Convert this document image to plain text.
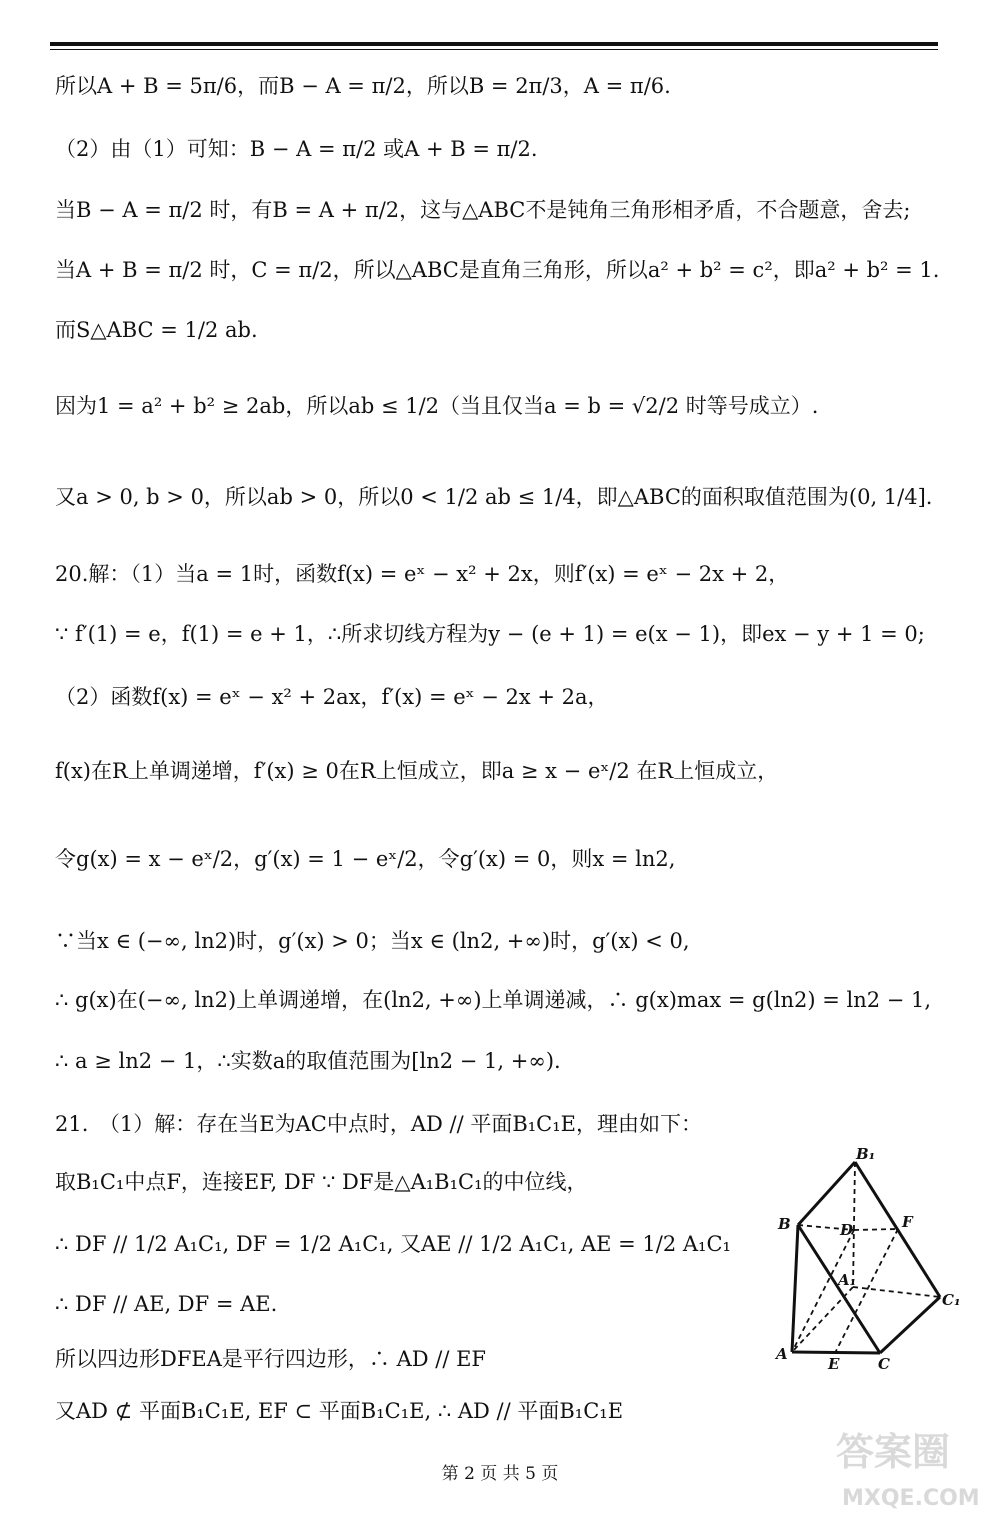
所以A + B = 5π/6，而B − A = π/2，所以B = 2π/3，A = π/6.
（2）由（1）可知：B − A = π/2 或A + B = π/2.
当B − A = π/2 时，有B = A + π/2，这与△ABC不是钝角三角形相矛盾，不合题意，舍去;
当A + B = π/2 时，C = π/2，所以△ABC是直角三角形，所以a² + b² = c²，即a² + b² = 1.
而S△ABC = 1/2 ab.
因为1 = a² + b² ≥ 2ab，所以ab ≤ 1/2（当且仅当a = b = √2/2 时等号成立）.
又a > 0, b > 0，所以ab > 0，所以0 < 1/2 ab ≤ 1/4，即△ABC的面积取值范围为(0, 1/4].
20.解：（1）当a = 1时，函数f(x) = eˣ − x² + 2x，则f′(x) = eˣ − 2x + 2，
∵ f′(1) = e，f(1) = e + 1，∴所求切线方程为y − (e + 1) = e(x − 1)，即ex − y + 1 = 0;
（2）函数f(x) = eˣ − x² + 2ax，f′(x) = eˣ − 2x + 2a，
f(x)在R上单调递增，f′(x) ≥ 0在R上恒成立，即a ≥ x − eˣ/2 在R上恒成立，
令g(x) = x − eˣ/2，g′(x) = 1 − eˣ/2，令g′(x) = 0，则x = ln2,
∵当x ∈ (−∞, ln2)时，g′(x) > 0；当x ∈ (ln2, +∞)时，g′(x) < 0,
∴ g(x)在(−∞, ln2)上单调递增，在(ln2, +∞)上单调递减，∴ g(x)max = g(ln2) = ln2 − 1,
∴ a ≥ ln2 − 1，∴实数a的取值范围为[ln2 − 1, +∞).
21.　（1）解：存在当E为AC中点时，AD // 平面B₁C₁E，理由如下：
取B₁C₁中点F，连接EF, DF ∵ DF是△A₁B₁C₁的中位线，
∴ DF // 1/2 A₁C₁, DF = 1/2 A₁C₁, 又AE // 1/2 A₁C₁, AE = 1/2 A₁C₁
∴ DF // AE, DF = AE.
所以四边形DFEA是平行四边形，∴ AD // EF
又AD ⊄ 平面B₁C₁E, EF ⊂ 平面B₁C₁E, ∴ AD // 平面B₁C₁E
B₁
B	D	F
A₁
C₁
A
E	C
第 2 页 共 5 页	答案圈
MXQE.COM
